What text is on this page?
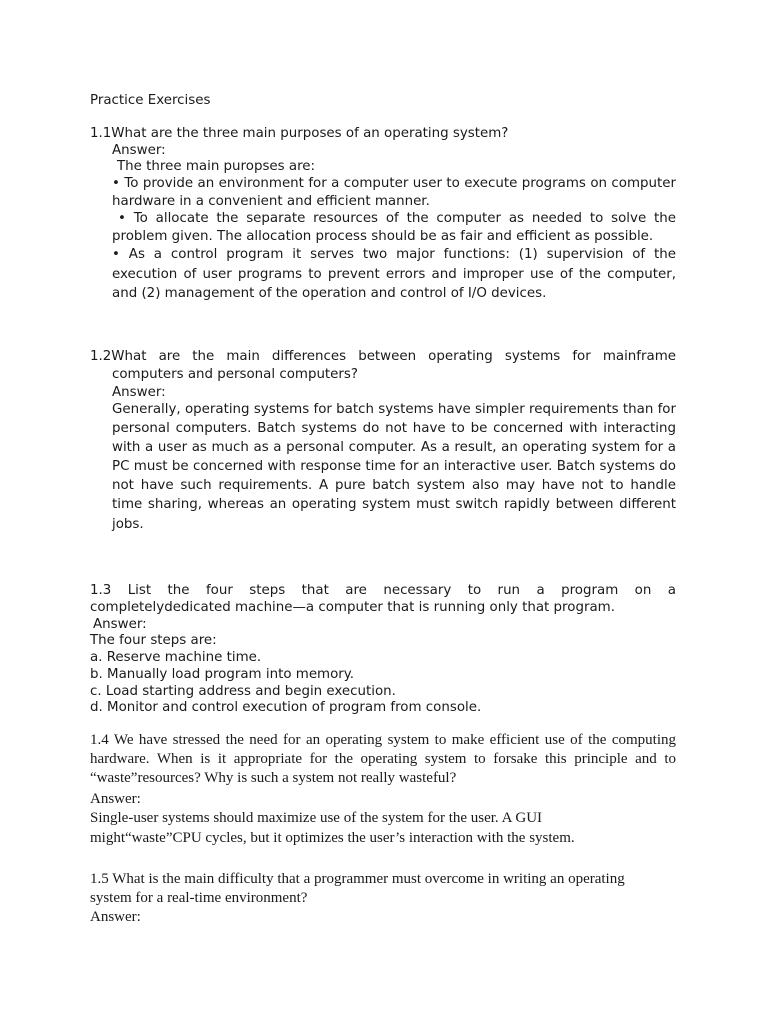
Practice Exercises

1.1What are the three main purposes of an operating system?

Answer:

The three main puropses are:

• To provide an environment for a computer user to execute programs on computer hardware in a convenient and efficient manner.

• To allocate the separate resources of the computer as needed to solve the problem given. The allocation process should be as fair and efficient as possible.

• As a control program it serves two major functions: (1) supervision of the execution of user programs to prevent errors and improper use of the computer, and (2) management of the operation and control of I/O devices.

1.2What are the main differences between operating systems for mainframe computers and personal computers?

Answer:

Generally, operating systems for batch systems have simpler requirements than for personal computers. Batch systems do not have to be concerned with interacting with a user as much as a personal computer. As a result, an operating system for a PC must be concerned with response time for an interactive user. Batch systems do not have such requirements. A pure batch system also may have not to handle time sharing, whereas an operating system must switch rapidly between different jobs.

1.3 List the four steps that are necessary to run a program on a

completelydedicated machine—a computer that is running only that program.

Answer:

The four steps are:

a. Reserve machine time.

b. Manually load program into memory.

c. Load starting address and begin execution.

d. Monitor and control execution of program from console.

1.4 We have stressed the need for an operating system to make efficient use of the computing hardware. When is it appropriate for the operating system to forsake this principle and to “waste”resources? Why is such a system not really wasteful?

Answer:

Single-user systems should maximize use of the system for the user. A GUI

might“waste”CPU cycles, but it optimizes the user’s interaction with the system.

1.5 What is the main difficulty that a programmer must overcome in writing an operating

system for a real-time environment?

Answer:
